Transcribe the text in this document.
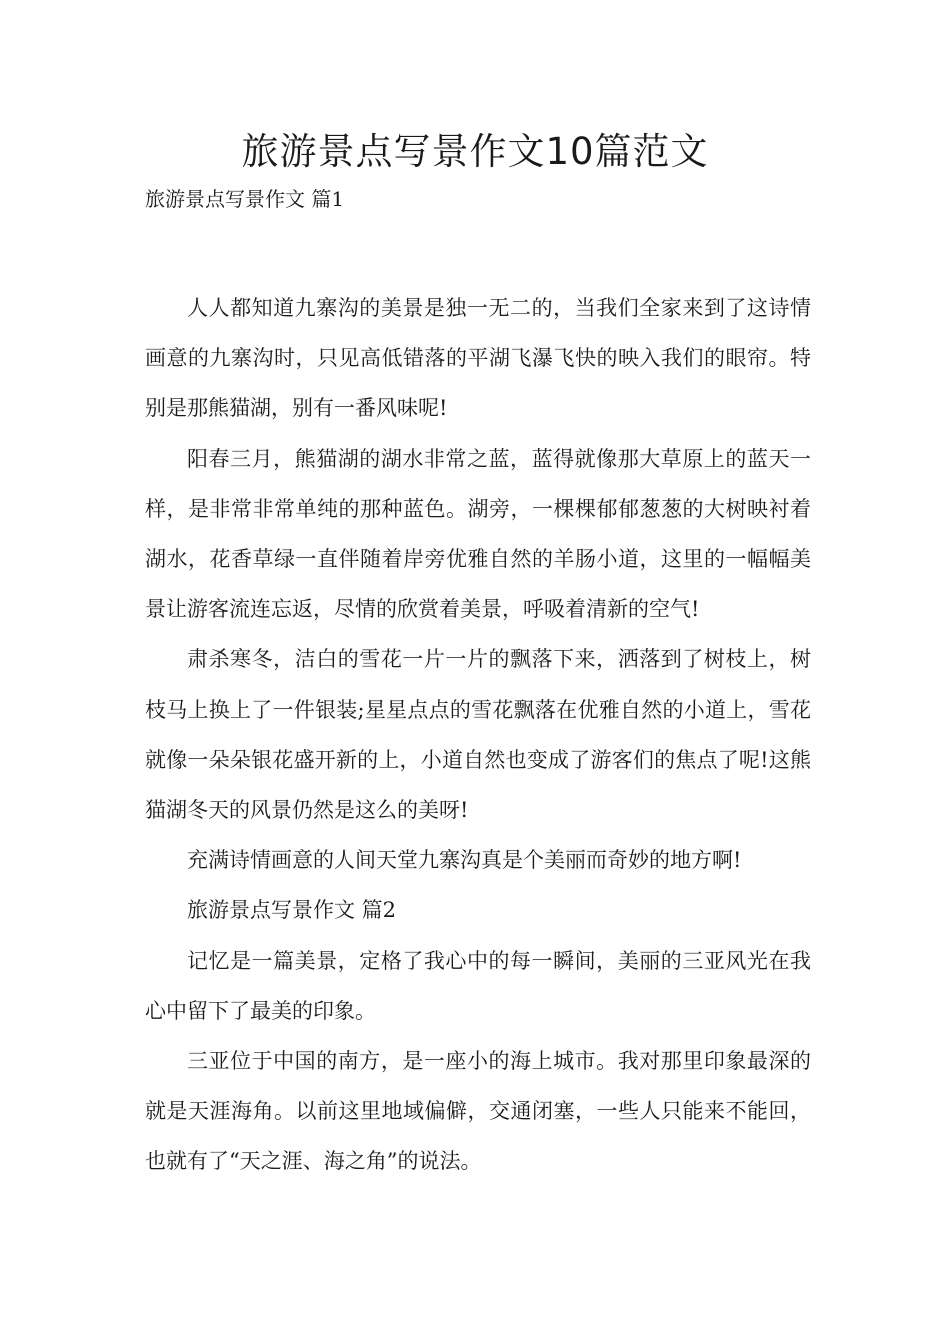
旅游景点写景作文10篇范文
旅游景点写景作文 篇1

人人都知道九寨沟的美景是独一无二的，当我们全家来到了这诗情画意的九寨沟时，只见高低错落的平湖飞瀑飞快的映入我们的眼帘。特别是那熊猫湖，别有一番风味呢!

阳春三月，熊猫湖的湖水非常之蓝，蓝得就像那大草原上的蓝天一样，是非常非常单纯的那种蓝色。湖旁，一棵棵郁郁葱葱的大树映衬着湖水，花香草绿一直伴随着岸旁优雅自然的羊肠小道，这里的一幅幅美景让游客流连忘返，尽情的欣赏着美景，呼吸着清新的空气!

肃杀寒冬，洁白的雪花一片一片的飘落下来，洒落到了树枝上，树枝马上换上了一件银装;星星点点的雪花飘落在优雅自然的小道上，雪花就像一朵朵银花盛开新的上，小道自然也变成了游客们的焦点了呢!这熊猫湖冬天的风景仍然是这么的美呀!

充满诗情画意的人间天堂九寨沟真是个美丽而奇妙的地方啊!

旅游景点写景作文 篇2

记忆是一篇美景，定格了我心中的每一瞬间，美丽的三亚风光在我心中留下了最美的印象。

三亚位于中国的南方，是一座小的海上城市。我对那里印象最深的就是天涯海角。以前这里地域偏僻，交通闭塞，一些人只能来不能回，也就有了“天之涯、海之角”的说法。
